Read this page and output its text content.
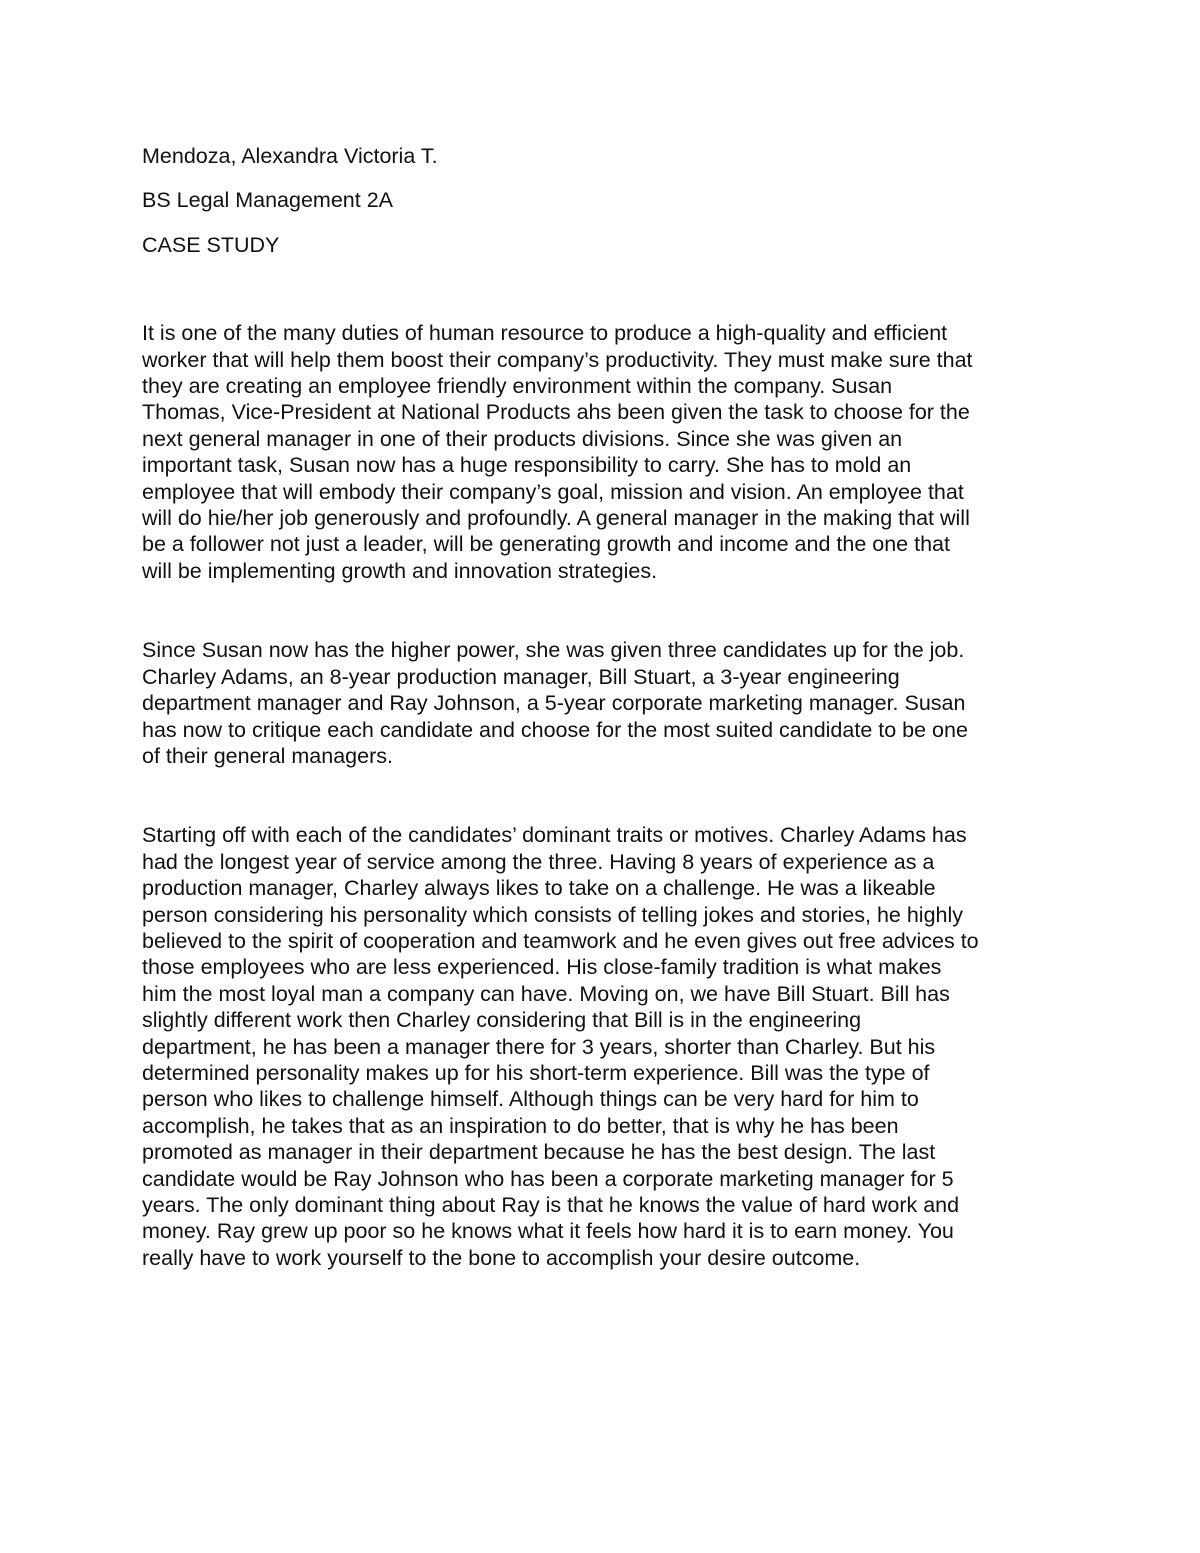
Mendoza, Alexandra Victoria T.

BS Legal Management 2A

CASE STUDY

It is one of the many duties of human resource to produce a high-quality and efficient

worker that will help them boost their company’s productivity. They must make sure that

they are creating an employee friendly environment within the company. Susan

Thomas, Vice-President at National Products ahs been given the task to choose for the

next general manager in one of their products divisions. Since she was given an

important task, Susan now has a huge responsibility to carry. She has to mold an

employee that will embody their company’s goal, mission and vision. An employee that

will do hie/her job generously and profoundly. A general manager in the making that will

be a follower not just a leader, will be generating growth and income and the one that

will be implementing growth and innovation strategies.

Since Susan now has the higher power, she was given three candidates up for the job.

Charley Adams, an 8-year production manager, Bill Stuart, a 3-year engineering

department manager and Ray Johnson, a 5-year corporate marketing manager. Susan

has now to critique each candidate and choose for the most suited candidate to be one

of their general managers.

Starting off with each of the candidates’ dominant traits or motives. Charley Adams has

had the longest year of service among the three. Having 8 years of experience as a

production manager, Charley always likes to take on a challenge. He was a likeable

person considering his personality which consists of telling jokes and stories, he highly

believed to the spirit of cooperation and teamwork and he even gives out free advices to

those employees who are less experienced. His close-family tradition is what makes

him the most loyal man a company can have. Moving on, we have Bill Stuart. Bill has

slightly different work then Charley considering that Bill is in the engineering

department, he has been a manager there for 3 years, shorter than Charley. But his

determined personality makes up for his short-term experience. Bill was the type of

person who likes to challenge himself. Although things can be very hard for him to

accomplish, he takes that as an inspiration to do better, that is why he has been

promoted as manager in their department because he has the best design. The last

candidate would be Ray Johnson who has been a corporate marketing manager for 5

years. The only dominant thing about Ray is that he knows the value of hard work and

money. Ray grew up poor so he knows what it feels how hard it is to earn money. You

really have to work yourself to the bone to accomplish your desire outcome.
